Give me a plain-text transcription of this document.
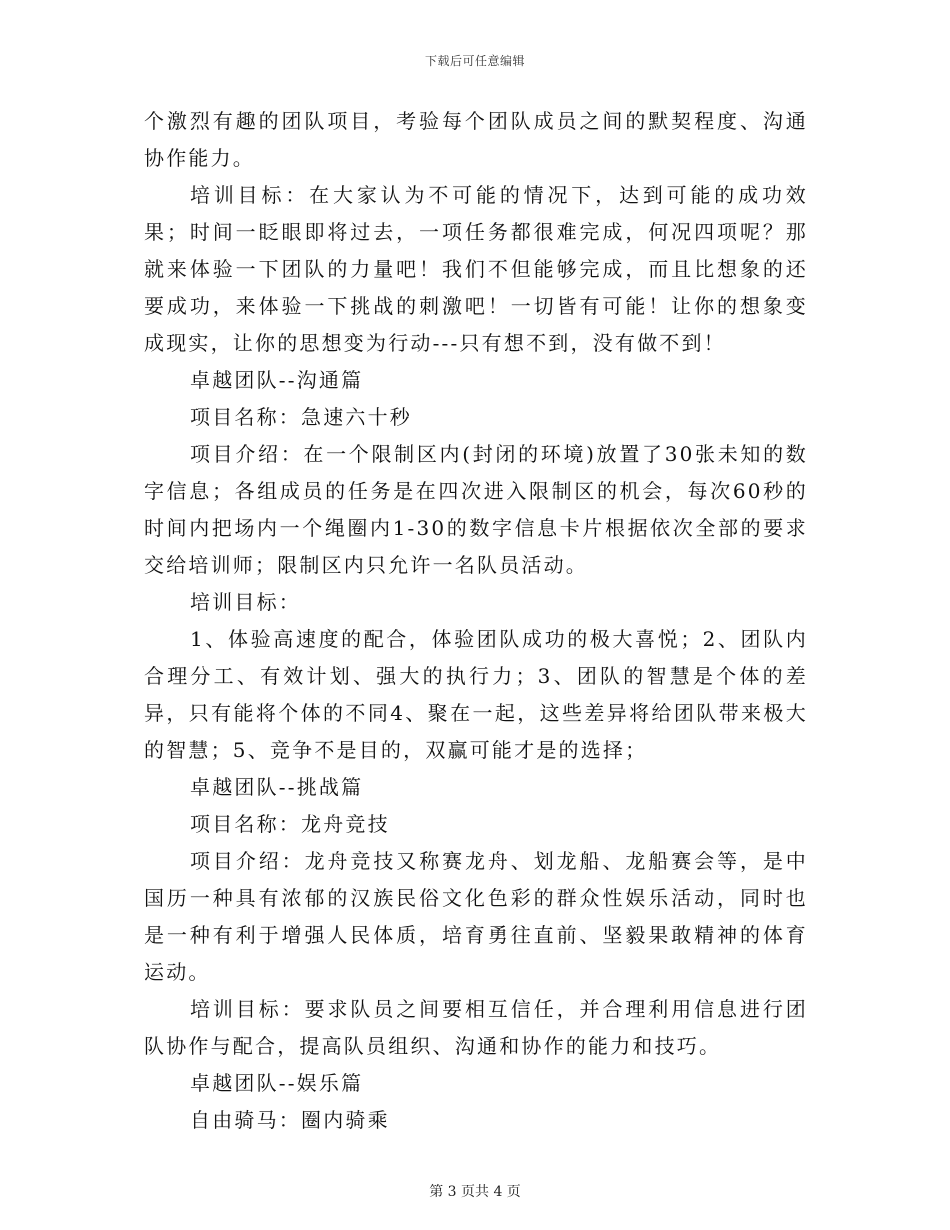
下载后可任意编辑

个激烈有趣的团队项目，考验每个团队成员之间的默契程度、沟通协作能力。

培训目标：在大家认为不可能的情况下，达到可能的成功效果；时间一眨眼即将过去，一项任务都很难完成，何况四项呢？那就来体验一下团队的力量吧！我们不但能够完成，而且比想象的还要成功，来体验一下挑战的刺激吧！一切皆有可能！让你的想象变成现实，让你的思想变为行动---只有想不到，没有做不到！

卓越团队--沟通篇

项目名称：急速六十秒

项目介绍：在一个限制区内(封闭的环境)放置了30张未知的数字信息；各组成员的任务是在四次进入限制区的机会，每次60秒的时间内把场内一个绳圈内1-30的数字信息卡片根据依次全部的要求交给培训师；限制区内只允许一名队员活动。

培训目标：

1、体验高速度的配合，体验团队成功的极大喜悦；2、团队内合理分工、有效计划、强大的执行力；3、团队的智慧是个体的差异，只有能将个体的不同4、聚在一起，这些差异将给团队带来极大的智慧；5、竞争不是目的，双赢可能才是的选择；

卓越团队--挑战篇

项目名称：龙舟竞技

项目介绍：龙舟竞技又称赛龙舟、划龙船、龙船赛会等，是中国历一种具有浓郁的汉族民俗文化色彩的群众性娱乐活动，同时也是一种有利于增强人民体质，培育勇往直前、坚毅果敢精神的体育运动。

培训目标：要求队员之间要相互信任，并合理利用信息进行团队协作与配合，提高队员组织、沟通和协作的能力和技巧。

卓越团队--娱乐篇

自由骑马：圈内骑乘

第 3 页共 4 页
